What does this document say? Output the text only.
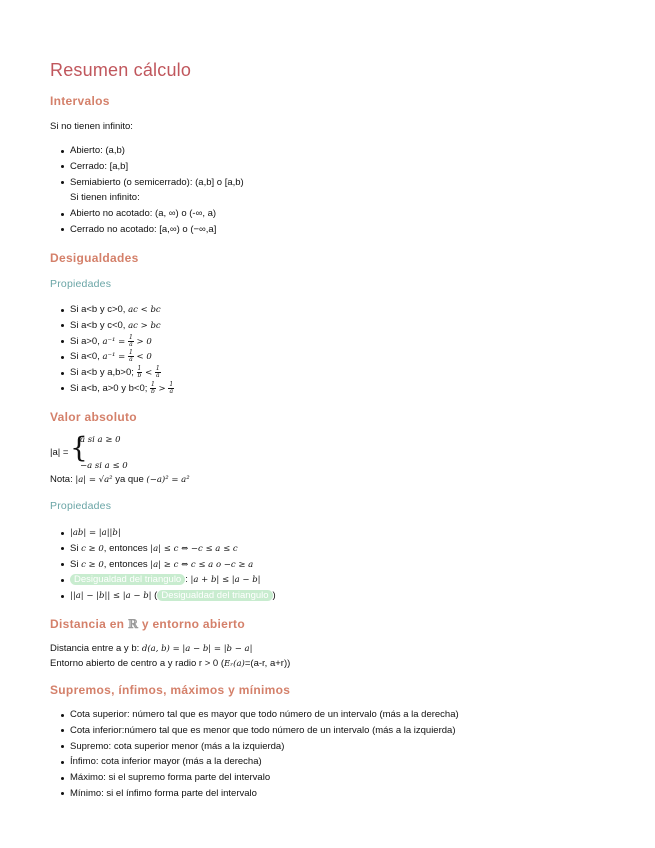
Resumen cálculo
Intervalos
Si no tienen infinito:
Abierto: (a,b)
Cerrado: [a,b]
Semiabierto (o semicerrado): (a,b] o [a,b)
Si tienen infinito:
Abierto no acotado: (a, ∞) o (-∞, a)
Cerrado no acotado: [a,∞) o (−∞,a]
Desigualdades
Propiedades
Si a<b y c>0, ac < bc
Si a<b y c<0, ac > bc
Si a>0, $a^{-1} = \frac{1}{a} > 0$
Si a<0, $a^{-1} = \frac{1}{a} < 0$
Si a<b y a,b>0; $\frac{1}{b} < \frac{1}{a}$
Si a<b, a>0 y b<0; $\frac{1}{b} > \frac{1}{a}$
Valor absoluto
|a| = {
a si a ≥ 0
−a si a ≤ 0
Nota: |a| = √a² ya que (−a)² = a²
Propiedades
|ab| = |a||b|
Si c ≥ 0, entonces |a| ≤ c ⇔ −c ≤ a ≤ c
Si c ≥ 0, entonces |a| ≥ c ⇔ c ≤ a o −c ≥ a
Desigualdad del triangulo : |a + b| ≤ |a − b|
||a| − |b|| ≤ |a − b| ( Desigualdad del triangulo )
Distancia en ℝ y entorno abierto
Distancia entre a y b: d(a, b) = |a − b| = |b − a|
Entorno abierto de centro a y radio r > 0 (Eᵣ(a)=(a-r, a+r))
Supremos, ínfimos, máximos y mínimos
Cota superior: número tal que es mayor que todo número de un intervalo (más a la derecha)
Cota inferior:número tal que es menor que todo número de un intervalo (más a la izquierda)
Supremo: cota superior menor (más a la izquierda)
Ínfimo: cota inferior mayor (más a la derecha)
Máximo: si el supremo forma parte del intervalo
Mínimo: si el ínfimo forma parte del intervalo
